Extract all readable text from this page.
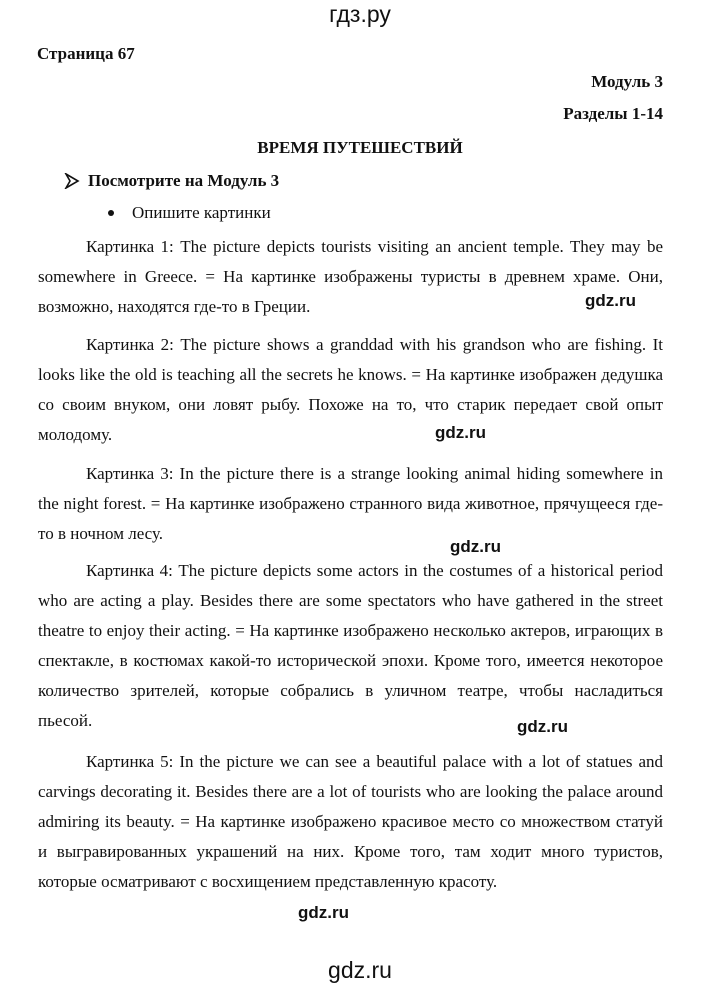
гдз.ру
Страница 67
Модуль 3
Разделы 1-14
ВРЕМЯ ПУТЕШЕСТВИЙ
Посмотрите на Модуль 3
Опишите картинки

Картинка 1: The picture depicts tourists visiting an ancient temple. They may be somewhere in Greece. = На картинке изображены туристы в древнем храме. Они, возможно, находятся где-то в Греции.

Картинка 2: The picture shows a granddad with his grandson who are fishing. It looks like the old is teaching all the secrets he knows. = На картинке изображен дедушка со своим внуком, они ловят рыбу. Похоже на то, что старик передает свой опыт молодому.

Картинка 3: In the picture there is a strange looking animal hiding somewhere in the night forest. = На картинке изображено странного вида животное, прячущееся где-то в ночном лесу.

Картинка 4: The picture depicts some actors in the costumes of a historical period who are acting a play. Besides there are some spectators who have gathered in the street theatre to enjoy their acting. = На картинке изображено несколько актеров, играющих в спектакле, в костюмах какой-то исторической эпохи. Кроме того, имеется некоторое количество зрителей, которые собрались в уличном театре, чтобы насладиться пьесой.

Картинка 5: In the picture we can see a beautiful palace with a lot of statues and carvings decorating it. Besides there are a lot of tourists who are looking the palace around admiring its beauty. = На картинке изображено красивое место со множеством статуй и выгравированных украшений на них. Кроме того, там ходит много туристов, которые осматривают с восхищением представленную красоту.

gdz.ru
gdz.ru
gdz.ru
gdz.ru
gdz.ru
gdz.ru
